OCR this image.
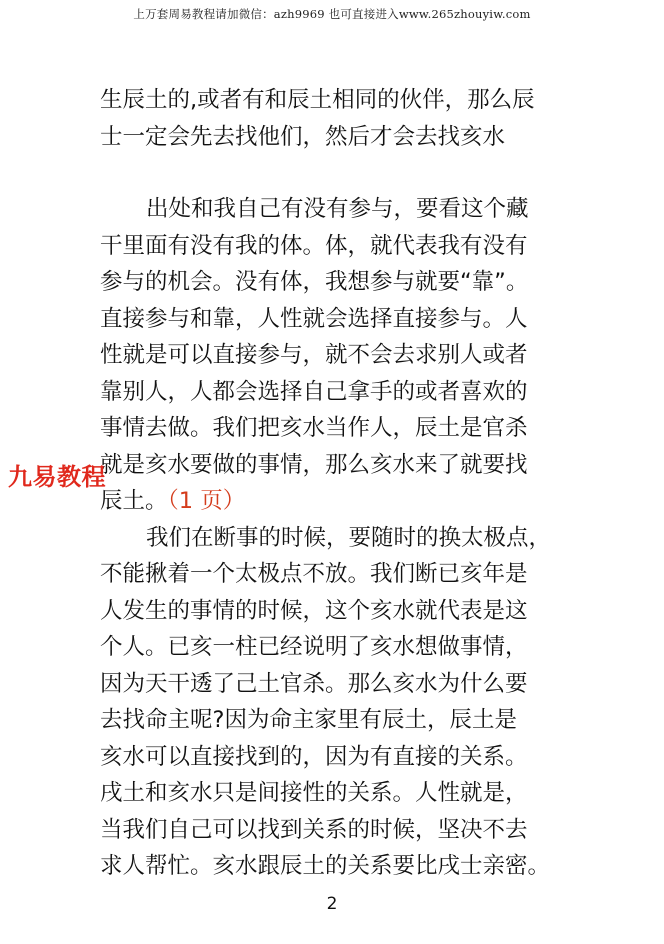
上万套周易教程请加微信：azh9969 也可直接进入www.265zhouyiw.com
生辰土的,或者有和辰土相同的伙伴，那么辰
士一定会先去找他们，然后才会去找亥水
出处和我自己有没有参与，要看这个藏
干里面有没有我的体。体，就代表我有没有
参与的机会。没有体，我想参与就要“靠”。
直接参与和靠，人性就会选择直接参与。人
性就是可以直接参与，就不会去求别人或者
靠别人，人都会选择自己拿手的或者喜欢的
事情去做。我们把亥水当作人，辰土是官杀
就是亥水要做的事情，那么亥水来了就要找
辰土。（1 页）
我们在断事的时候，要随时的换太极点，
不能揪着一个太极点不放。我们断已亥年是
人发生的事情的时候，这个亥水就代表是这
个人。已亥一柱已经说明了亥水想做事情，
因为天干透了己土官杀。那么亥水为什么要
去找命主呢?因为命主家里有辰土，辰土是
亥水可以直接找到的，因为有直接的关系。
戌土和亥水只是间接性的关系。人性就是，
当我们自己可以找到关系的时候，坚决不去
求人帮忙。亥水跟辰土的关系要比戌士亲密。
九易教程
2
